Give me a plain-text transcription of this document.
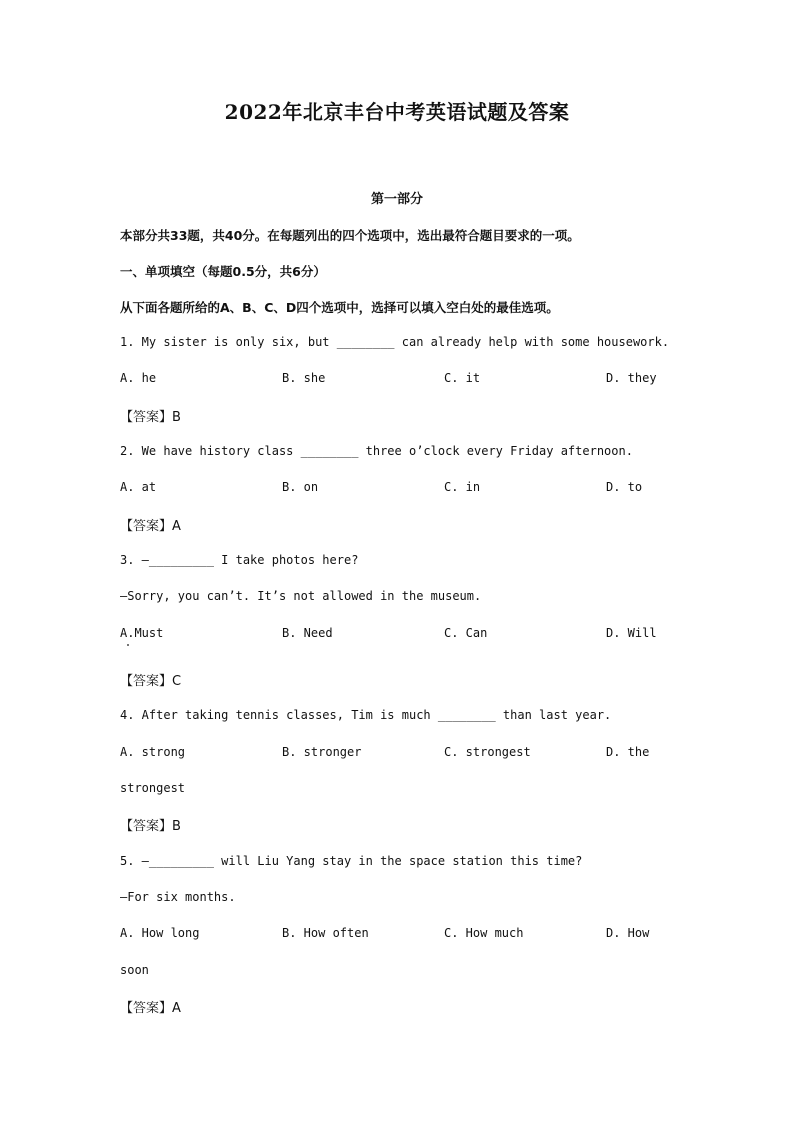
2022年北京丰台中考英语试题及答案
第一部分
本部分共33题，共40分。在每题列出的四个选项中，选出最符合题目要求的一项。
一、单项填空（每题0.5分，共6分）
从下面各题所给的A、B、C、D四个选项中，选择可以填入空白处的最佳选项。
1. My sister is only six, but ________ can already help with some housework.
A. he	B. she	C. it	D. they
【答案】B
2. We have history class ________ three o’clock every Friday afternoon.
A. at	B. on	C. in	D. to
【答案】A
3. —_________ I take photos here?
—Sorry, you can’t. It’s not allowed in the museum.
A.Must	B. Need	C. Can	D. Will
【答案】C
4. After taking tennis classes, Tim is much ________ than last year.
A. strong	B. stronger	C. strongest	D. the
strongest
【答案】B
5. —_________ will Liu Yang stay in the space station this time?
—For six months.
A. How long	B. How often	C. How much	D. How
soon
【答案】A
